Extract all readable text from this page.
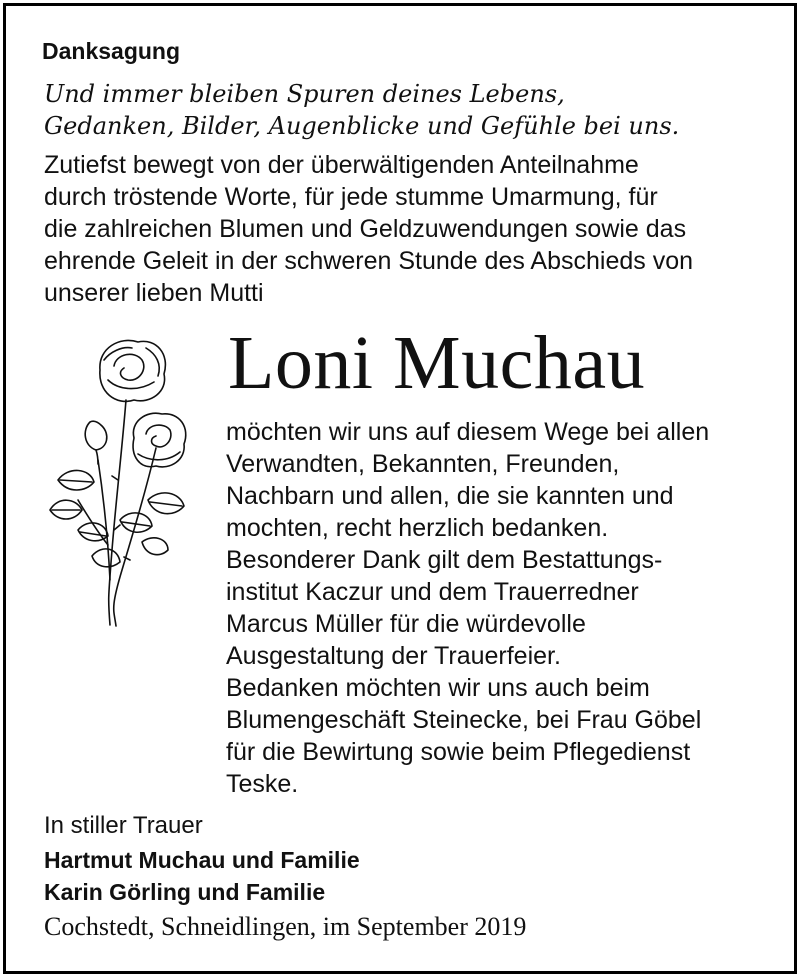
Danksagung
Und immer bleiben Spuren deines Lebens,
Gedanken, Bilder, Augenblicke und Gefühle bei uns.
Zutiefst bewegt von der überwältigenden Anteilnahme
durch tröstende Worte, für jede stumme Umarmung, für
die zahlreichen Blumen und Geldzuwendungen sowie das
ehrende Geleit in der schweren Stunde des Abschieds von
unserer lieben Mutti
Loni Muchau
möchten wir uns auf diesem Wege bei allen
Verwandten, Bekannten, Freunden,
Nachbarn und allen, die sie kannten und
mochten, recht herzlich bedanken.
Besonderer Dank gilt dem Bestattungs-
institut Kaczur und dem Trauerredner
Marcus Müller für die würdevolle
Ausgestaltung der Trauerfeier.
Bedanken möchten wir uns auch beim
Blumengeschäft Steinecke, bei Frau Göbel
für die Bewirtung sowie beim Pflegedienst
Teske.
In stiller Trauer
Hartmut Muchau und Familie
Karin Görling und Familie
Cochstedt, Schneidlingen, im September 2019
